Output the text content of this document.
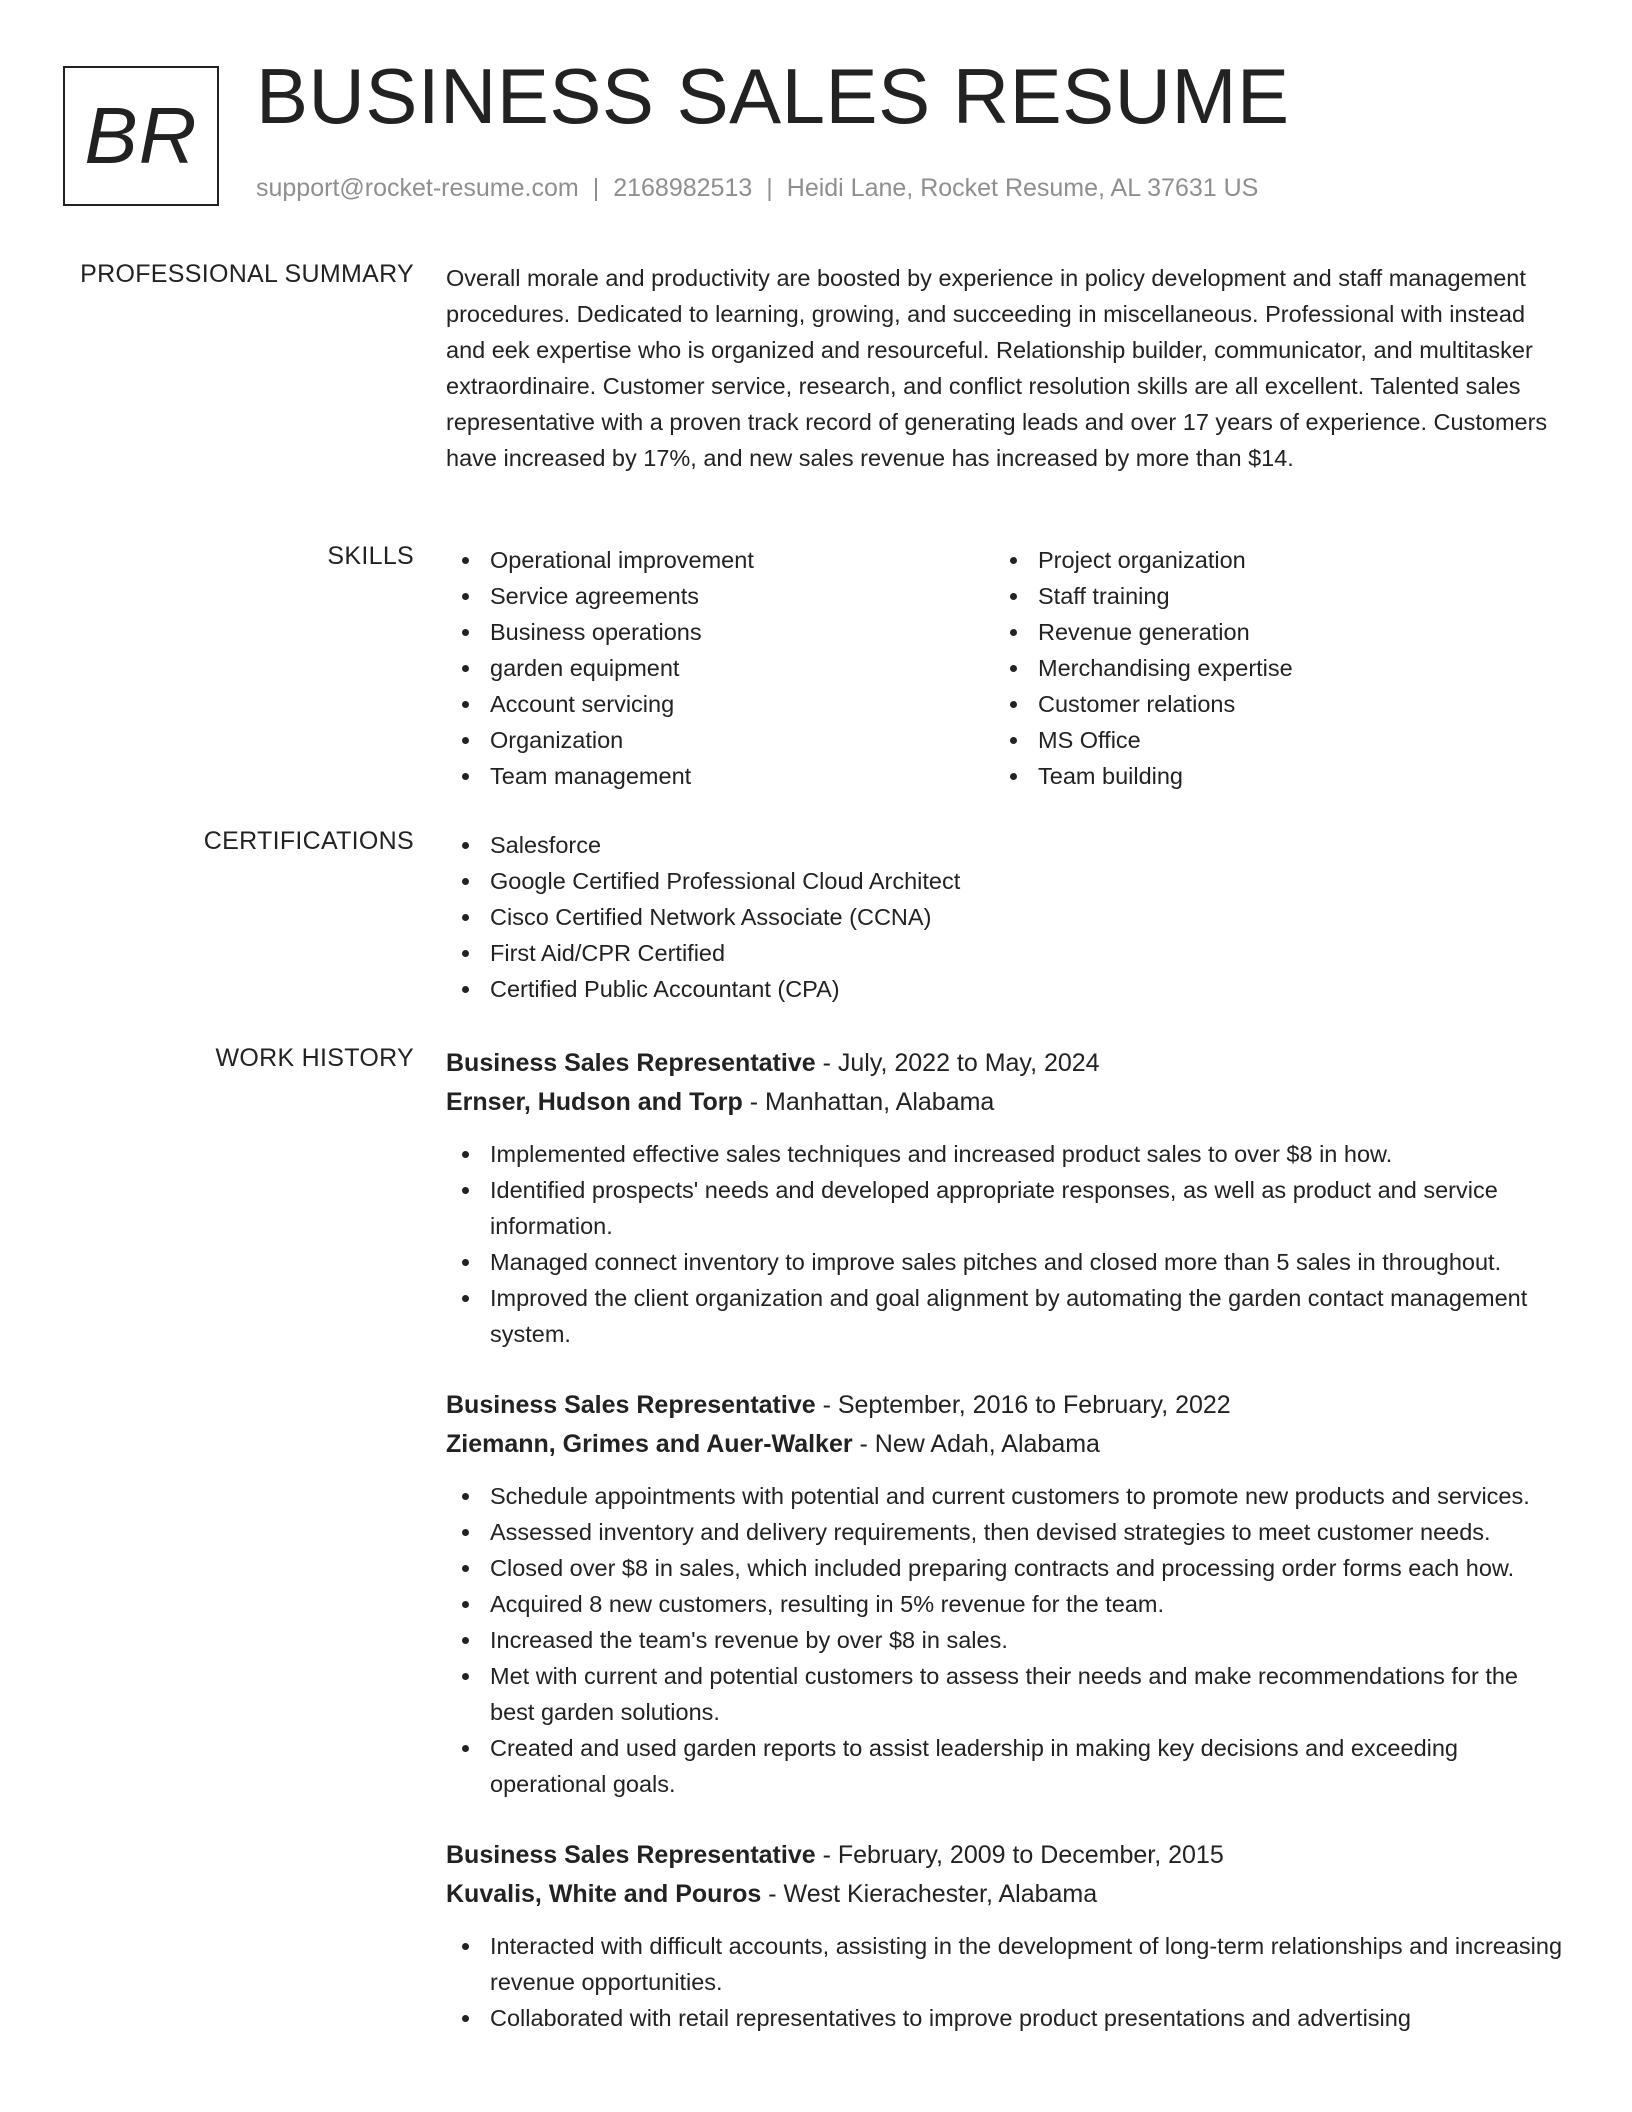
BR BUSINESS SALES RESUME
support@rocket-resume.com | 2168982513 | Heidi Lane, Rocket Resume, AL 37631 US
PROFESSIONAL SUMMARY Overall morale and productivity are boosted by experience in policy development and staff management procedures. Dedicated to learning, growing, and succeeding in miscellaneous. Professional with instead and eek expertise who is organized and resourceful. Relationship builder, communicator, and multitasker extraordinaire. Customer service, research, and conflict resolution skills are all excellent. Talented sales representative with a proven track record of generating leads and over 17 years of experience. Customers have increased by 17%, and new sales revenue has increased by more than $14.

SKILLS	Operational improvement
Service agreements
Business operations
garden equipment
Account servicing
Organization
Team management
Project organization
Staff training
Revenue generation
Merchandising expertise
Customer relations
MS Office
Team building
CERTIFICATIONS	Salesforce
Google Certified Professional Cloud Architect
Cisco Certified Network Associate (CCNA)
First Aid/CPR Certified
Certified Public Accountant (CPA)
WORK HISTORY Business Sales Representative - July, 2022 to May, 2024
Ernser, Hudson and Torp - Manhattan, Alabama
Implemented effective sales techniques and increased product sales to over $8 in how.
Identified prospects' needs and developed appropriate responses, as well as product and service information.
Managed connect inventory to improve sales pitches and closed more than 5 sales in throughout.
Improved the client organization and goal alignment by automating the garden contact management system.
Business Sales Representative - September, 2016 to February, 2022
Ziemann, Grimes and Auer-Walker - New Adah, Alabama
Schedule appointments with potential and current customers to promote new products and services.
Assessed inventory and delivery requirements, then devised strategies to meet customer needs.
Closed over $8 in sales, which included preparing contracts and processing order forms each how.
Acquired 8 new customers, resulting in 5% revenue for the team.
Increased the team's revenue by over $8 in sales.
Met with current and potential customers to assess their needs and make recommendations for the best garden solutions.
Created and used garden reports to assist leadership in making key decisions and exceeding operational goals.
Business Sales Representative - February, 2009 to December, 2015
Kuvalis, White and Pouros - West Kierachester, Alabama
Interacted with difficult accounts, assisting in the development of long-term relationships and increasing revenue opportunities.
Collaborated with retail representatives to improve product presentations and advertising
